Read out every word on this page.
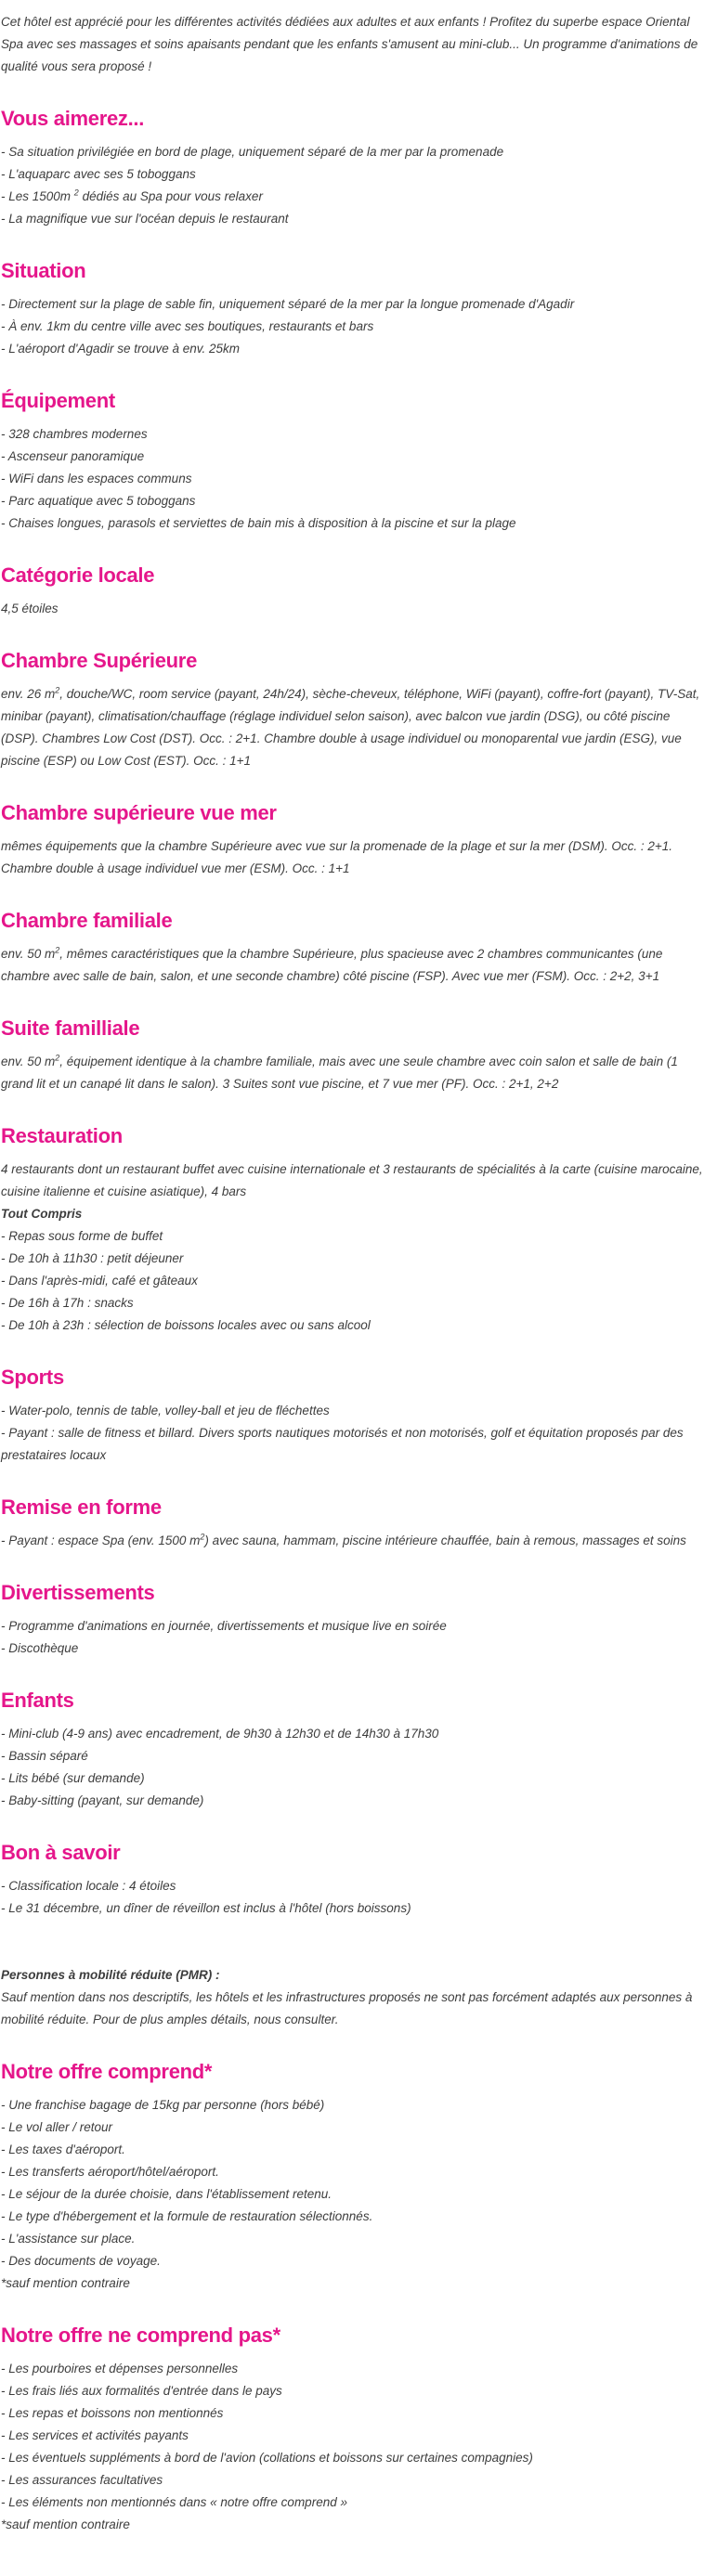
Cet hôtel est apprécié pour les différentes activités dédiées aux adultes et aux enfants ! Profitez du superbe espace Oriental Spa avec ses massages et soins apaisants pendant que les enfants s'amusent au mini-club... Un programme d'animations de qualité vous sera proposé !

Vous aimerez...
- Sa situation privilégiée en bord de plage, uniquement séparé de la mer par la promenade
- L'aquaparc avec ses 5 toboggans
- Les 1500m $^2$ dédiés au Spa pour vous relaxer
- La magnifique vue sur l'océan depuis le restaurant
Situation
- Directement sur la plage de sable fin, uniquement séparé de la mer par la longue promenade d'Agadir
- À env. 1km du centre ville avec ses boutiques, restaurants et bars
- L'aéroport d'Agadir se trouve à env. 25km
Équipement
- 328 chambres modernes
- Ascenseur panoramique
- WiFi dans les espaces communs
- Parc aquatique avec 5 toboggans
- Chaises longues, parasols et serviettes de bain mis à disposition à la piscine et sur la plage
Catégorie locale
4,5 étoiles
Chambre Supérieure
env. 26 $m^2$, douche/WC, room service (payant, 24h/24), sèche-cheveux, téléphone, WiFi (payant), coffre-fort (payant), TV-Sat, minibar (payant), climatisation/chauffage (réglage individuel selon saison), avec balcon vue jardin (DSG), ou côté piscine (DSP). Chambres Low Cost (DST). Occ. : 2+1. Chambre double à usage individuel ou monoparental vue jardin (ESG), vue piscine (ESP) ou Low Cost (EST). Occ. : 1+1
Chambre supérieure vue mer
mêmes équipements que la chambre Supérieure avec vue sur la promenade de la plage et sur la mer (DSM). Occ. : 2+1. Chambre double à usage individuel vue mer (ESM). Occ. : 1+1
Chambre familiale
env. 50 $m^2$, mêmes caractéristiques que la chambre Supérieure, plus spacieuse avec 2 chambres communicantes (une chambre avec salle de bain, salon, et une seconde chambre) côté piscine (FSP). Avec vue mer (FSM). Occ. : 2+2, 3+1
Suite familliale
env. 50 $m^2$, équipement identique à la chambre familiale, mais avec une seule chambre avec coin salon et salle de bain (1 grand lit et un canapé lit dans le salon). 3 Suites sont vue piscine, et 7 vue mer (PF). Occ. : 2+1, 2+2
Restauration
4 restaurants dont un restaurant buffet avec cuisine internationale et 3 restaurants de spécialités à la carte (cuisine marocaine, cuisine italienne et cuisine asiatique), 4 bars
Tout Compris
- Repas sous forme de buffet
- De 10h à 11h30 : petit déjeuner
- Dans l'après-midi, café et gâteaux
- De 16h à 17h : snacks
- De 10h à 23h : sélection de boissons locales avec ou sans alcool
Sports
- Water-polo, tennis de table, volley-ball et jeu de fléchettes
- Payant : salle de fitness et billard. Divers sports nautiques motorisés et non motorisés, golf et équitation proposés par des prestataires locaux
Remise en forme
- Payant : espace Spa (env. 1500 $m^2$) avec sauna, hammam, piscine intérieure chauffée, bain à remous, massages et soins
Divertissements
- Programme d'animations en journée, divertissements et musique live en soirée
- Discothèque
Enfants
- Mini-club (4-9 ans) avec encadrement, de 9h30 à 12h30 et de 14h30 à 17h30
- Bassin séparé
- Lits bébé (sur demande)
- Baby-sitting (payant, sur demande)
Bon à savoir
- Classification locale : 4 étoiles
- Le 31 décembre, un dîner de réveillon est inclus à l'hôtel (hors boissons)
Personnes à mobilité réduite (PMR) :
Sauf mention dans nos descriptifs, les hôtels et les infrastructures proposés ne sont pas forcément adaptés aux personnes à mobilité réduite. Pour de plus amples détails, nous consulter.
Notre offre comprend*
- Une franchise bagage de 15kg par personne (hors bébé)
- Le vol aller / retour
- Les taxes d'aéroport.
- Les transferts aéroport/hôtel/aéroport.
- Le séjour de la durée choisie, dans l'établissement retenu.
- Le type d'hébergement et la formule de restauration sélectionnés.
- L'assistance sur place.
- Des documents de voyage.
*sauf mention contraire
Notre offre ne comprend pas*
- Les pourboires et dépenses personnelles
- Les frais liés aux formalités d'entrée dans le pays
- Les repas et boissons non mentionnés
- Les services et activités payants
- Les éventuels suppléments à bord de l'avion (collations et boissons sur certaines compagnies)
- Les assurances facultatives
- Les éléments non mentionnés dans « notre offre comprend »
*sauf mention contraire
